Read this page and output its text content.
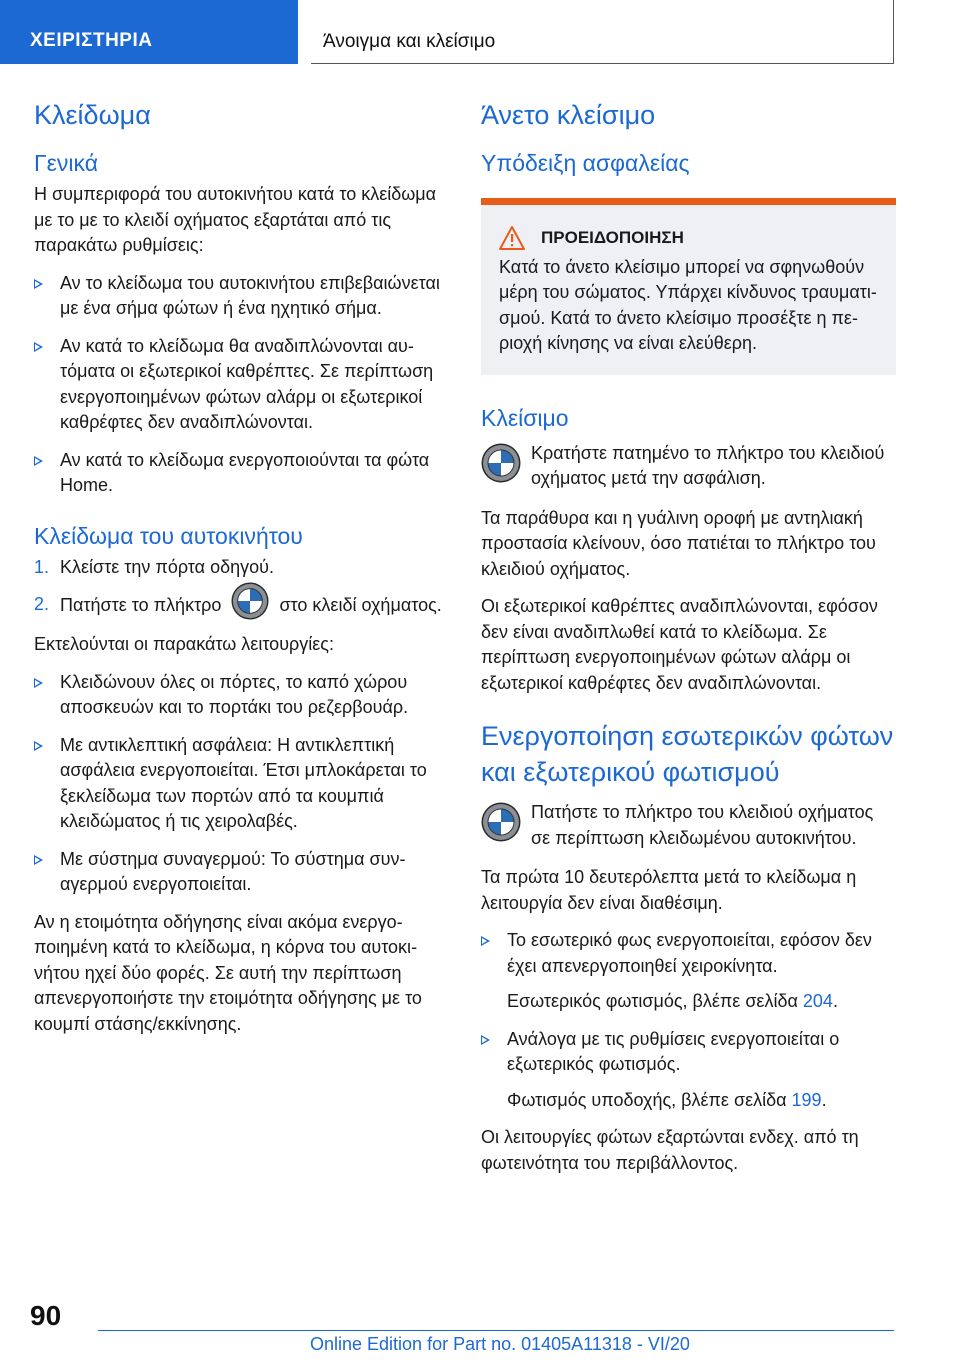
ΧΕΙΡΙΣΤΗΡΙΑ	Άνοιγμα και κλείσιμο
Κλείδωμα
Γενικά

Η συμπεριφορά του αυτοκινήτου κατά το κλείδωμα με το με το κλειδί οχήματος εξαρτάται από τις παρακάτω ρυθμίσεις:

Αν το κλείδωμα του αυτοκινήτου επιβεβαιώνεται με ένα σήμα φώτων ή ένα ηχητικό σήμα.
Αν κατά το κλείδωμα θα αναδιπλώνονται αυτόματα οι εξωτερικοί καθρέπτες. Σε περίπτωση ενεργοποιημένων φώτων αλάρμ οι εξωτερικοί καθρέφτες δεν αναδιπλώνονται.
Αν κατά το κλείδωμα ενεργοποιούνται τα φώτα Home.
Κλείδωμα του αυτοκινήτου
1. Κλείστε την πόρτα οδηγού.
2. Πατήστε το πλήκτρο	στο κλειδί οχήματος.

Εκτελούνται οι παρακάτω λειτουργίες:

Κλειδώνουν όλες οι πόρτες, το καπό χώρου αποσκευών και το πορτάκι του ρεζερβουάρ.
Με αντικλεπτική ασφάλεια: Η αντικλεπτική ασφάλεια ενεργοποιείται. Έτσι μπλοκάρεται το ξεκλείδωμα των πορτών από τα κουμπιά κλειδώματος ή τις χειρολαβές.
Με σύστημα συναγερμού: Το σύστημα συναγερμού ενεργοποιείται.

Αν η ετοιμότητα οδήγησης είναι ακόμα ενεργοποιημένη κατά το κλείδωμα, η κόρνα του αυτοκινήτου ηχεί δύο φορές. Σε αυτή την περίπτωση απενεργοποιήστε την ετοιμότητα οδήγησης με το κουμπί στάσης/εκκίνησης.

Άνετο κλείσιμο
Υπόδειξη ασφαλείας
ΠΡΟΕΙΔΟΠΟΙΗΣΗ
Κατά το άνετο κλείσιμο μπορεί να σφηνωθούν μέρη του σώματος. Υπάρχει κίνδυνος τραυματισμού. Κατά το άνετο κλείσιμο προσέξτε η περιοχή κίνησης να είναι ελεύθερη.
Κλείσιμο
Κρατήστε πατημένο το πλήκτρο του κλειδιού οχήματος μετά την ασφάλιση.

Τα παράθυρα και η γυάλινη οροφή με αντηλιακή προστασία κλείνουν, όσο πατιέται το πλήκτρο του κλειδιού οχήματος.

Οι εξωτερικοί καθρέπτες αναδιπλώνονται, εφόσον δεν είναι αναδιπλωθεί κατά το κλείδωμα. Σε περίπτωση ενεργοποιημένων φώτων αλάρμ οι εξωτερικοί καθρέφτες δεν αναδιπλώνονται.

Ενεργοποίηση εσωτερικών φώτων και εξωτερικού φωτισμού
Πατήστε το πλήκτρο του κλειδιού οχήματος σε περίπτωση κλειδωμένου αυτοκινήτου.

Τα πρώτα 10 δευτερόλεπτα μετά το κλείδωμα η λειτουργία δεν είναι διαθέσιμη.

Το εσωτερικό φως ενεργοποιείται, εφόσον δεν έχει απενεργοποιηθεί χειροκίνητα.
Εσωτερικός φωτισμός, βλέπε σελίδα 204.
Ανάλογα με τις ρυθμίσεις ενεργοποιείται ο εξωτερικός φωτισμός.
Φωτισμός υποδοχής, βλέπε σελίδα 199.

Οι λειτουργίες φώτων εξαρτώνται ενδεχ. από τη φωτεινότητα του περιβάλλοντος.

90
Online Edition for Part no. 01405A11318 - VI/20
